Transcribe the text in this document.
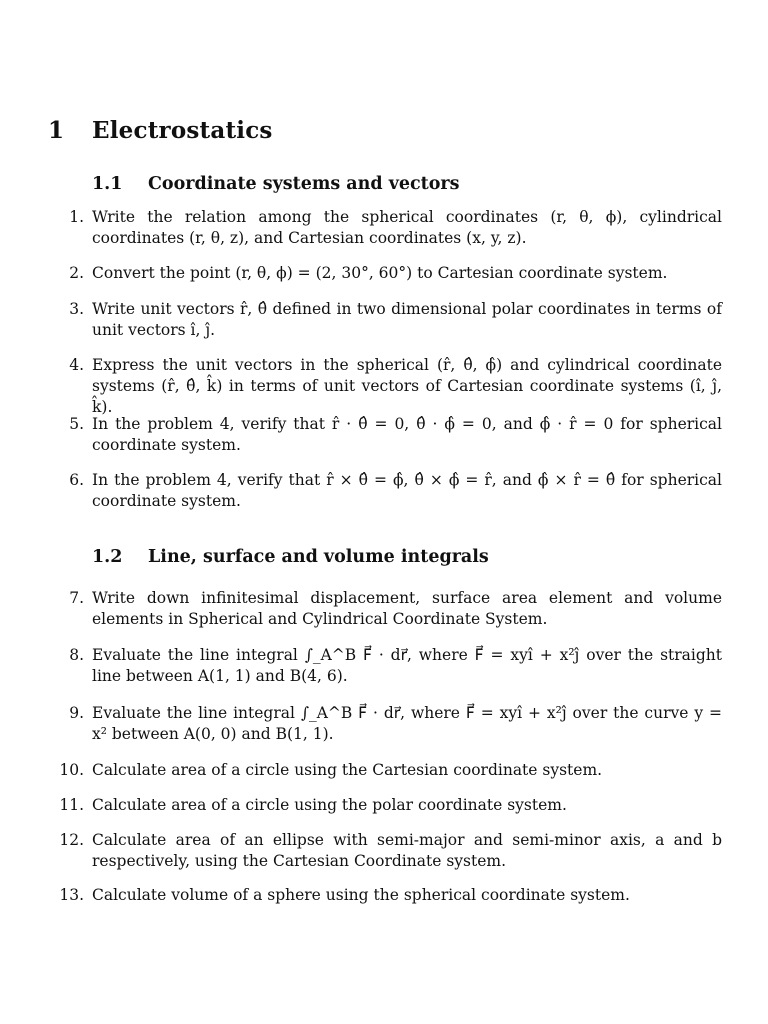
1 Electrostatics
1.1 Coordinate systems and vectors
1. Write the relation among the spherical coordinates (r, θ, ϕ), cylindrical coordinates (r, θ, z), and Cartesian coordinates (x, y, z).
2. Convert the point (r, θ, ϕ) = (2, 30°, 60°) to Cartesian coordinate system.
3. Write unit vectors r̂, θ̂ defined in two dimensional polar coordinates in terms of unit vectors î, ĵ.
4. Express the unit vectors in the spherical (r̂, θ̂, ϕ̂) and cylindrical coordinate systems (r̂, θ̂, k̂) in terms of unit vectors of Cartesian coordinate systems (î, ĵ, k̂).
5. In the problem 4, verify that r̂ · θ̂ = 0, θ̂ · ϕ̂ = 0, and ϕ̂ · r̂ = 0 for spherical coordinate system.
6. In the problem 4, verify that r̂ × θ̂ = ϕ̂, θ̂ × ϕ̂ = r̂, and ϕ̂ × r̂ = θ̂ for spherical coordinate system.
1.2 Line, surface and volume integrals
7. Write down infinitesimal displacement, surface area element and volume elements in Spherical and Cylindrical Coordinate System.
8. Evaluate the line integral ∫_A^B F⃗ · dr⃗, where F⃗ = xyî + x²ĵ over the straight line between A(1, 1) and B(4, 6).
9. Evaluate the line integral ∫_A^B F⃗ · dr⃗, where F⃗ = xyî + x²ĵ over the curve y = x² between A(0, 0) and B(1, 1).
10. Calculate area of a circle using the Cartesian coordinate system.
11. Calculate area of a circle using the polar coordinate system.
12. Calculate area of an ellipse with semi-major and semi-minor axis, a and b respectively, using the Cartesian Coordinate system.
13. Calculate volume of a sphere using the spherical coordinate system.
